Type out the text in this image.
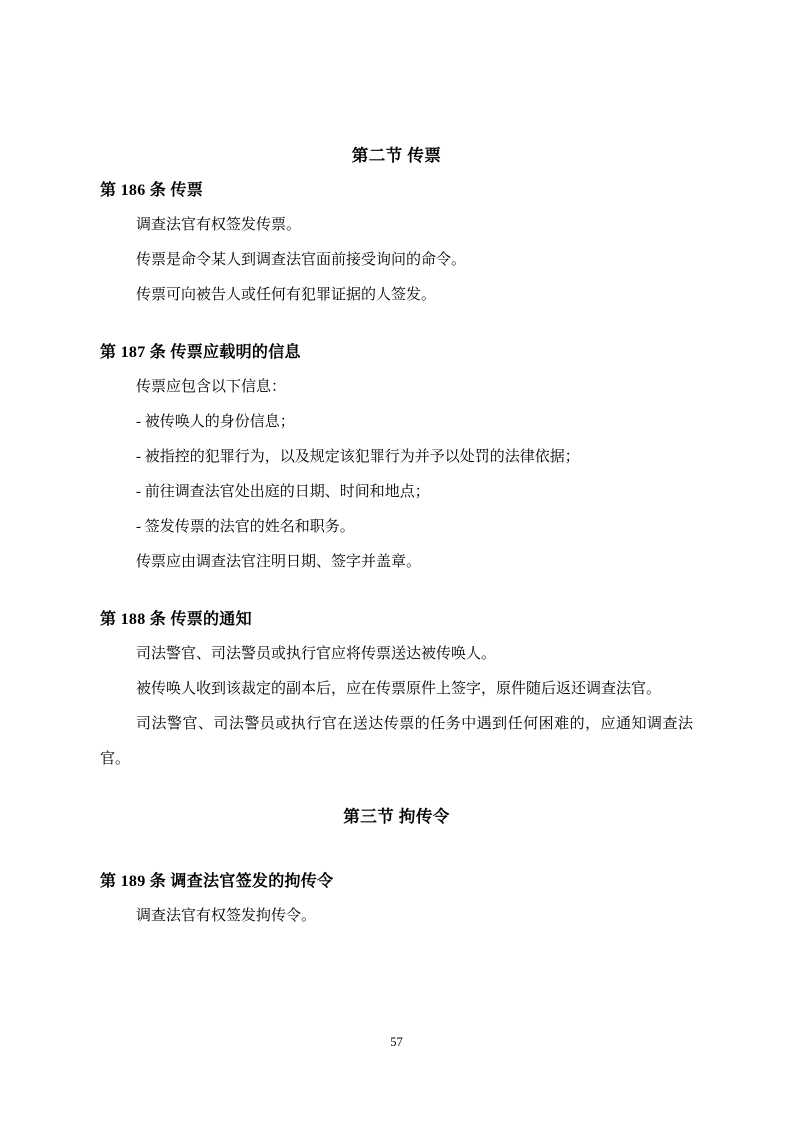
第二节 传票
第 186 条 传票

调查法官有权签发传票。

传票是命令某人到调查法官面前接受询问的命令。

传票可向被告人或任何有犯罪证据的人签发。

第 187 条 传票应载明的信息

传票应包含以下信息：

- 被传唤人的身份信息；

- 被指控的犯罪行为，以及规定该犯罪行为并予以处罚的法律依据；

- 前往调查法官处出庭的日期、时间和地点；

- 签发传票的法官的姓名和职务。

传票应由调查法官注明日期、签字并盖章。

第 188 条 传票的通知

司法警官、司法警员或执行官应将传票送达被传唤人。

被传唤人收到该裁定的副本后，应在传票原件上签字，原件随后返还调查法官。

司法警官、司法警员或执行官在送达传票的任务中遇到任何困难的，应通知调查法官。

第三节 拘传令
第 189 条 调查法官签发的拘传令

调查法官有权签发拘传令。

57
